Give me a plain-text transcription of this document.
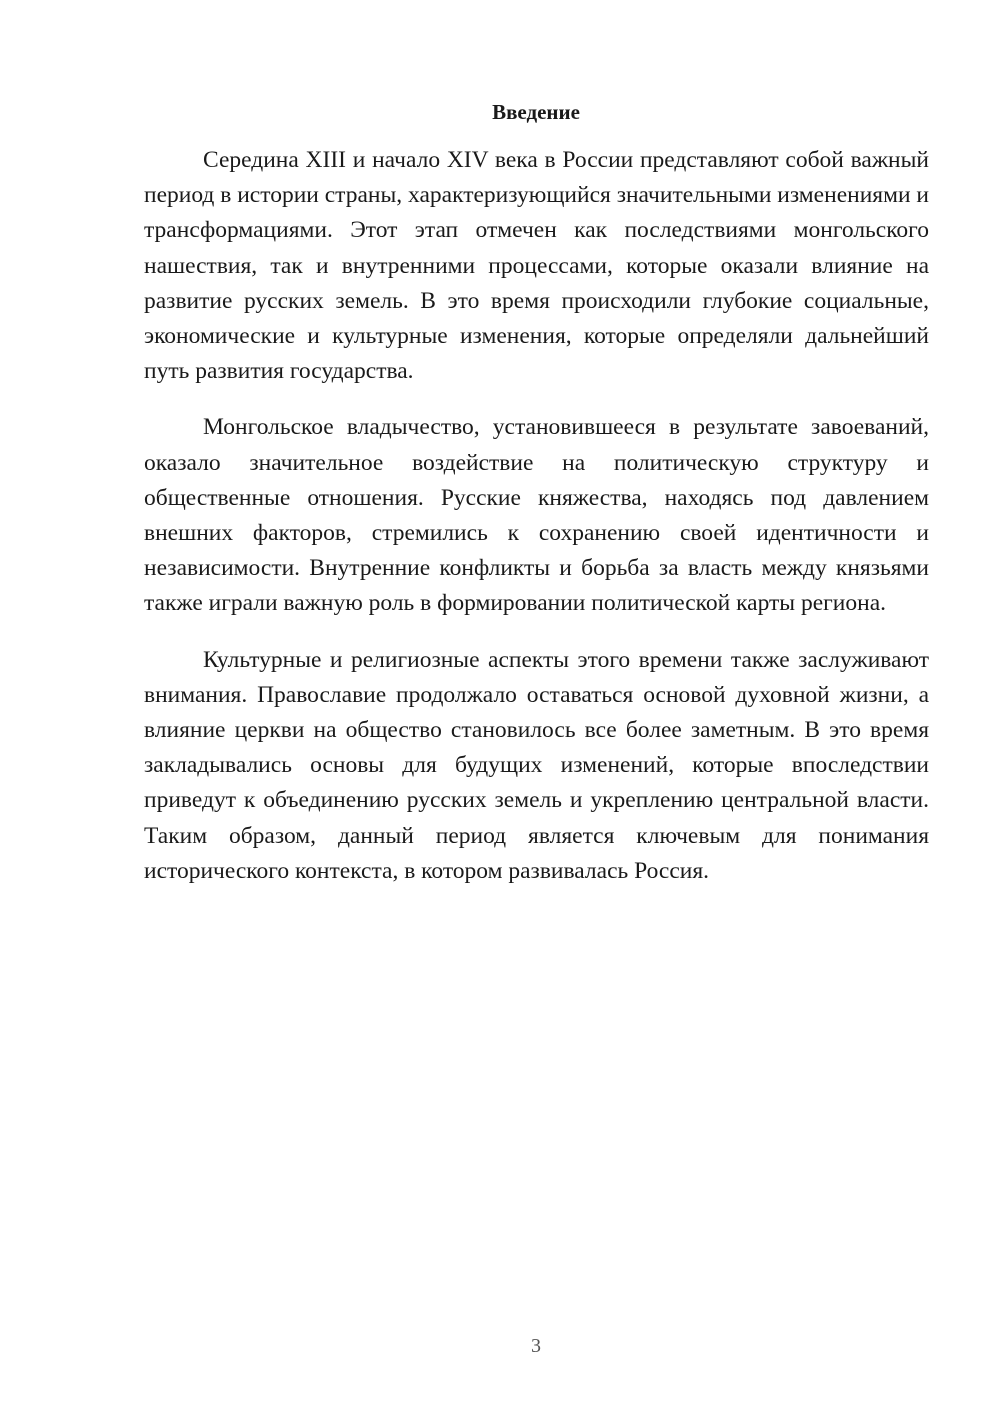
Введение

Середина XIII и начало XIV века в России представляют собой важный период в истории страны, характеризующийся значительными изменениями и трансформациями. Этот этап отмечен как последствиями монгольского нашествия, так и внутренними процессами, которые оказали влияние на развитие русских земель. В это время происходили глубокие социальные, экономические и культурные изменения, которые определяли дальнейший путь развития государства.

Монгольское владычество, установившееся в результате завоеваний, оказало значительное воздействие на политическую структуру и общественные отношения. Русские княжества, находясь под давлением внешних факторов, стремились к сохранению своей идентичности и независимости. Внутренние конфликты и борьба за власть между князьями также играли важную роль в формировании политической карты региона.

Культурные и религиозные аспекты этого времени также заслуживают внимания. Православие продолжало оставаться основой духовной жизни, а влияние церкви на общество становилось все более заметным. В это время закладывались основы для будущих изменений, которые впоследствии приведут к объединению русских земель и укреплению центральной власти. Таким образом, данный период является ключевым для понимания исторического контекста, в котором развивалась Россия.

3
